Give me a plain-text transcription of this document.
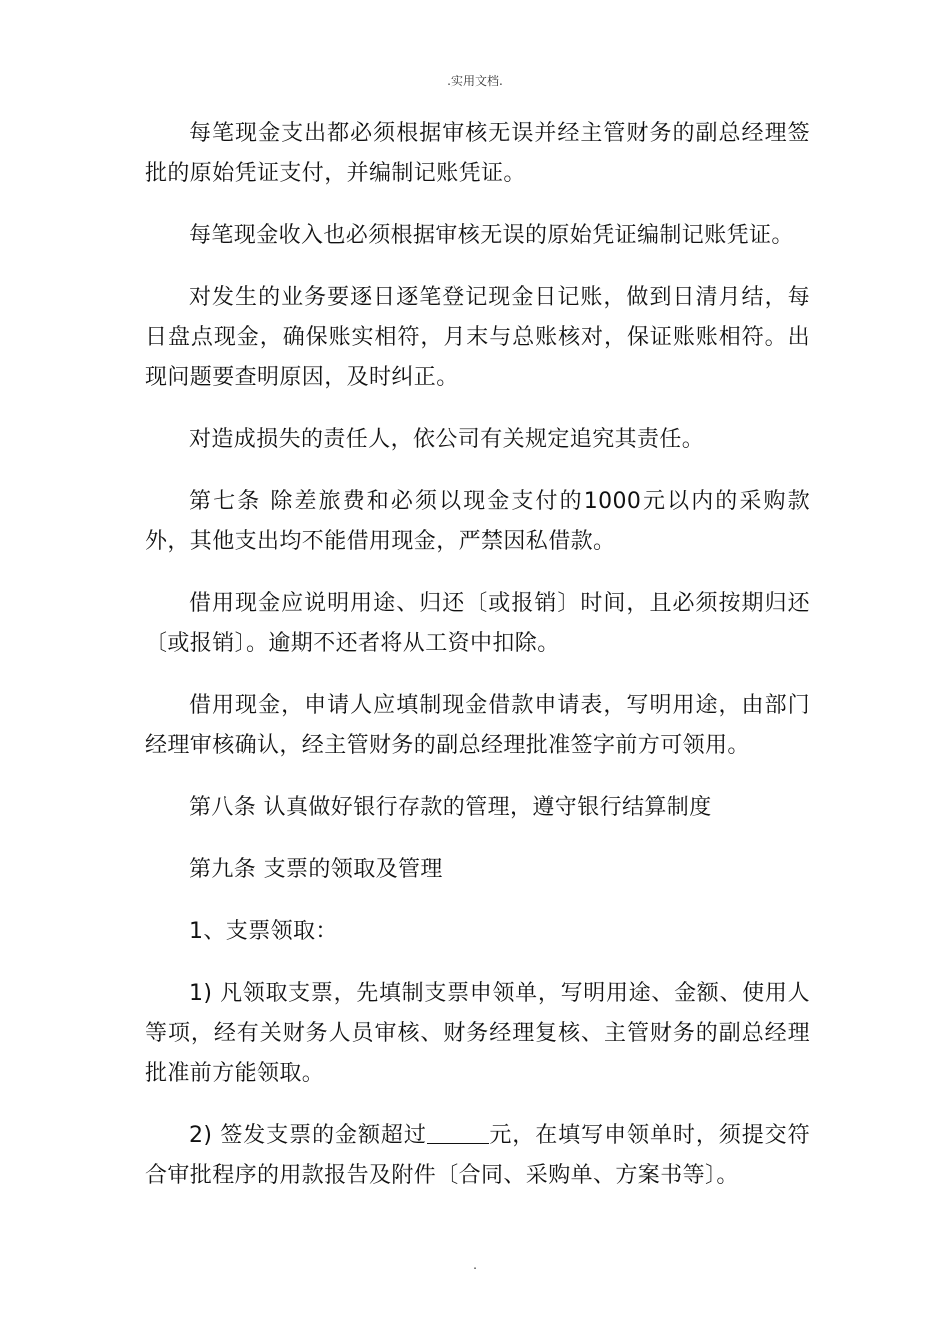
.实用文档.

每笔现金支出都必须根据审核无误并经主管财务的副总经理签批的原始凭证支付，并编制记账凭证。

每笔现金收入也必须根据审核无误的原始凭证编制记账凭证。

对发生的业务要逐日逐笔登记现金日记账，做到日清月结，每日盘点现金，确保账实相符，月末与总账核对，保证账账相符。出现问题要查明原因，及时纠正。

对造成损失的责任人，依公司有关规定追究其责任。

第七条 除差旅费和必须以现金支付的1000元以内的采购款外，其他支出均不能借用现金，严禁因私借款。

借用现金应说明用途、归还〔或报销〕时间，且必须按期归还〔或报销〕。逾期不还者将从工资中扣除。

借用现金，申请人应填制现金借款申请表，写明用途，由部门经理审核确认，经主管财务的副总经理批准签字前方可领用。

第八条 认真做好银行存款的管理，遵守银行结算制度

第九条 支票的领取及管理

1、支票领取：

1) 凡领取支票，先填制支票申领单，写明用途、金额、使用人等项，经有关财务人员审核、财务经理复核、主管财务的副总经理批准前方能领取。

2) 签发支票的金额超过	元，在填写申领单时，须提交符合审批程序的用款报告及附件〔合同、采购单、方案书等〕。

.
